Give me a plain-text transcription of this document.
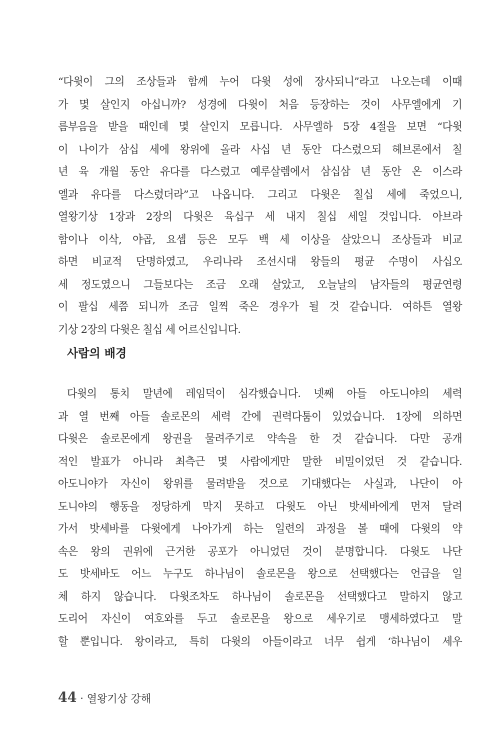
“다윗이 그의 조상들과 함께 누어 다윗 성에 장사되니”라고 나오는데 이때
가 몇 살인지 아십니까? 성경에 다윗이 처음 등장하는 것이 사무엘에게 기
름부음을 받을 때인데 몇 살인지 모릅니다. 사무엘하 5장 4절을 보면 “다윗
이 나이가 삼십 세에 왕위에 올라 사십 년 동안 다스렸으되 헤브론에서 칠
년 육 개월 동안 유다를 다스렸고 예루살렘에서 삼십삼 년 동안 온 이스라
엘과 유다를 다스렸더라”고 나옵니다. 그리고 다윗은 칠십 세에 죽었으니,
열왕기상 1장과 2장의 다윗은 육십구 세 내지 칠십 세일 것입니다. 아브라
함이나 이삭, 야곱, 요셉 등은 모두 백 세 이상을 살았으니 조상들과 비교
하면 비교적 단명하였고, 우리나라 조선시대 왕들의 평균 수명이 사십오
세 정도였으니 그들보다는 조금 오래 살았고, 오늘날의 남자들의 평균연령
이 팔십 세쯤 되니까 조금 일찍 죽은 경우가 될 것 같습니다. 여하튼 열왕
기상 2장의 다윗은 칠십 세 어르신입니다.
사람의 배경
다윗의 통치 말년에 레임덕이 심각했습니다. 넷째 아들 아도니야의 세력
과 열 번째 아들 솔로몬의 세력 간에 권력다툼이 있었습니다. 1장에 의하면
다윗은 솔로몬에게 왕권을 물려주기로 약속을 한 것 같습니다. 다만 공개
적인 발표가 아니라 최측근 몇 사람에게만 말한 비밀이었던 것 같습니다.
아도니야가 자신이 왕위를 물려받을 것으로 기대했다는 사실과, 나단이 아
도니야의 행동을 정당하게 막지 못하고 다윗도 아닌 밧세바에게 먼저 달려
가서 밧세바를 다윗에게 나아가게 하는 일련의 과정을 볼 때에 다윗의 약
속은 왕의 권위에 근거한 공포가 아니었던 것이 분명합니다. 다윗도 나단
도 밧세바도 어느 누구도 하나님이 솔로몬을 왕으로 선택했다는 언급을 일
체 하지 않습니다. 다윗조차도 하나님이 솔로몬을 선택했다고 말하지 않고
도리어 자신이 여호와를 두고 솔로몬을 왕으로 세우기로 맹세하였다고 말
할 뿐입니다. 왕이라고, 특히 다윗의 아들이라고 너무 쉽게 ‘하나님이 세우
44 · 열왕기상 강해
